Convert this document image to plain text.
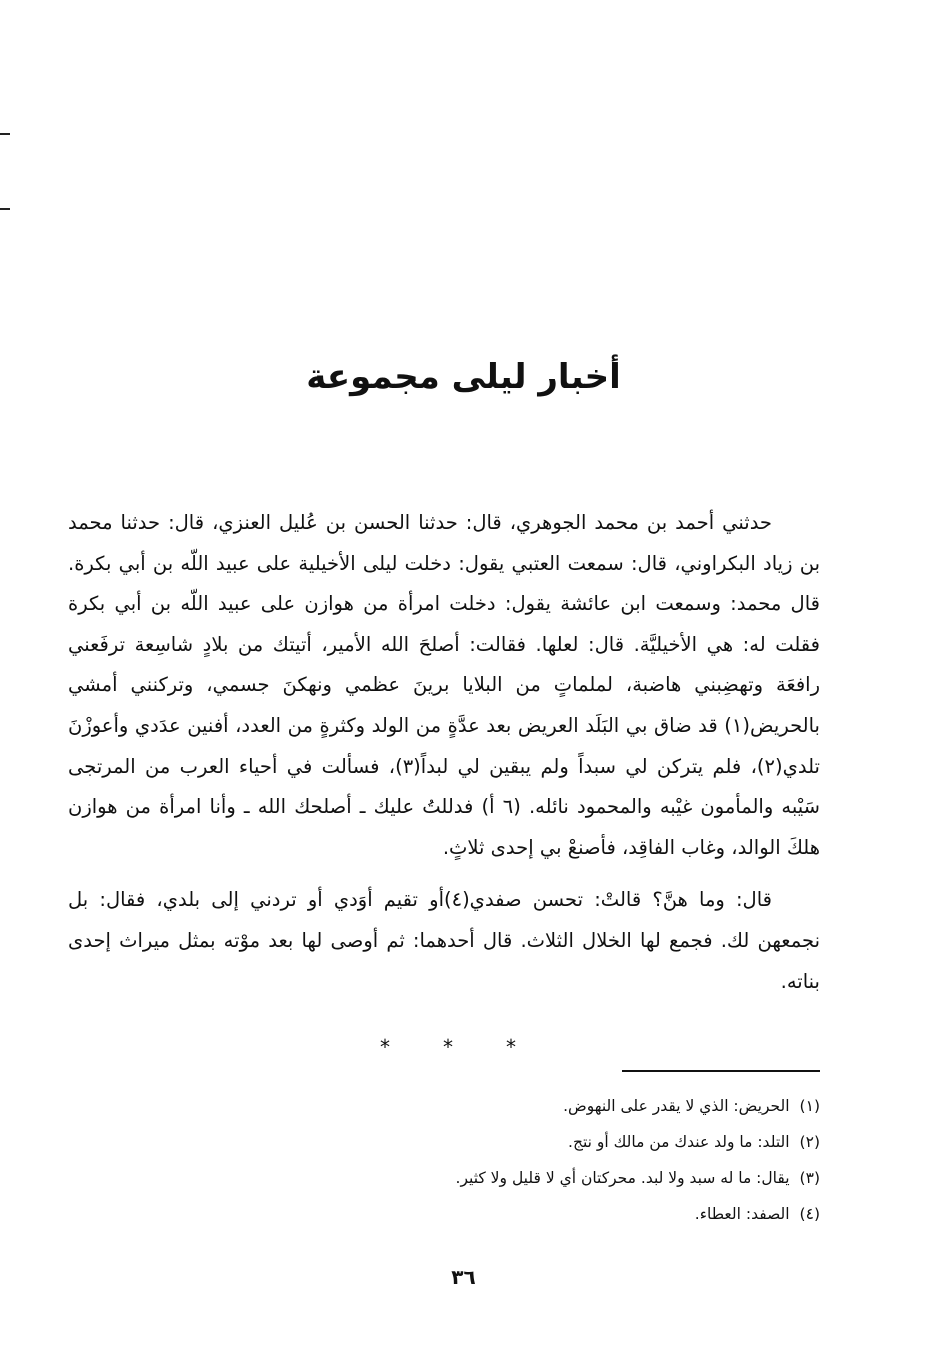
أخبار ليلى مجموعة

حدثني أحمد بن محمد الجوهري، قال: حدثنا الحسن بن عُليل العنزي، قال: حدثنا محمد بن زياد البكراوني، قال: سمعت العتبي يقول: دخلت ليلى الأخيلية على عبيد اللّه بن أبي بكرة. قال محمد: وسمعت ابن عائشة يقول: دخلت امرأة من هوازن على عبيد اللّه بن أبي بكرة فقلت له: هي الأخيليَّة. قال: لعلها. فقالت: أصلحَ الله الأمير، أتيتك من بلادٍ شاسِعة ترفَعني رافعَة وتهضِبني هاضبة، لملماتٍ من البلايا برينَ عظمي ونهكنَ جسمي، وتركنني أمشي بالحريض(١) قد ضاق بي البَلَد العريض بعد عدَّةٍ من الولد وكثرةٍ من العدد، أفنين عدَدي وأعوزْنَ تلدي(٢)، فلم يتركن لي سبداً ولم يبقين لي لبداً(٣)، فسألت في أحياء العرب من المرتجى سَيْبه والمأمون غيْبه والمحمود نائله. (٦ أ) فدللتُ عليك ـ أصلحك الله ـ وأنا امرأة من هوازن هلكَ الوالد، وغاب الفاقِد، فأصنعْ بي إحدى ثلاثٍ.

قال: وما هنَّ؟ قالتْ: تحسن صفدي(٤)أو تقيم أوَدي أو تردني إلى بلدي، فقال: بل نجمعهن لك. فجمع لها الخلال الثلاث. قال أحدهما: ثم أوصى لها بعد موْته بمثل ميراث إحدى بناته.

*	*	*
(١)الحريض: الذي لا يقدر على النهوض.
(٢)التلد: ما ولد عندك من مالك أو نتج.
(٣)يقال: ما له سبد ولا لبد. محركتان أي لا قليل ولا كثير.
(٤)الصفد: العطاء.
٣٦
